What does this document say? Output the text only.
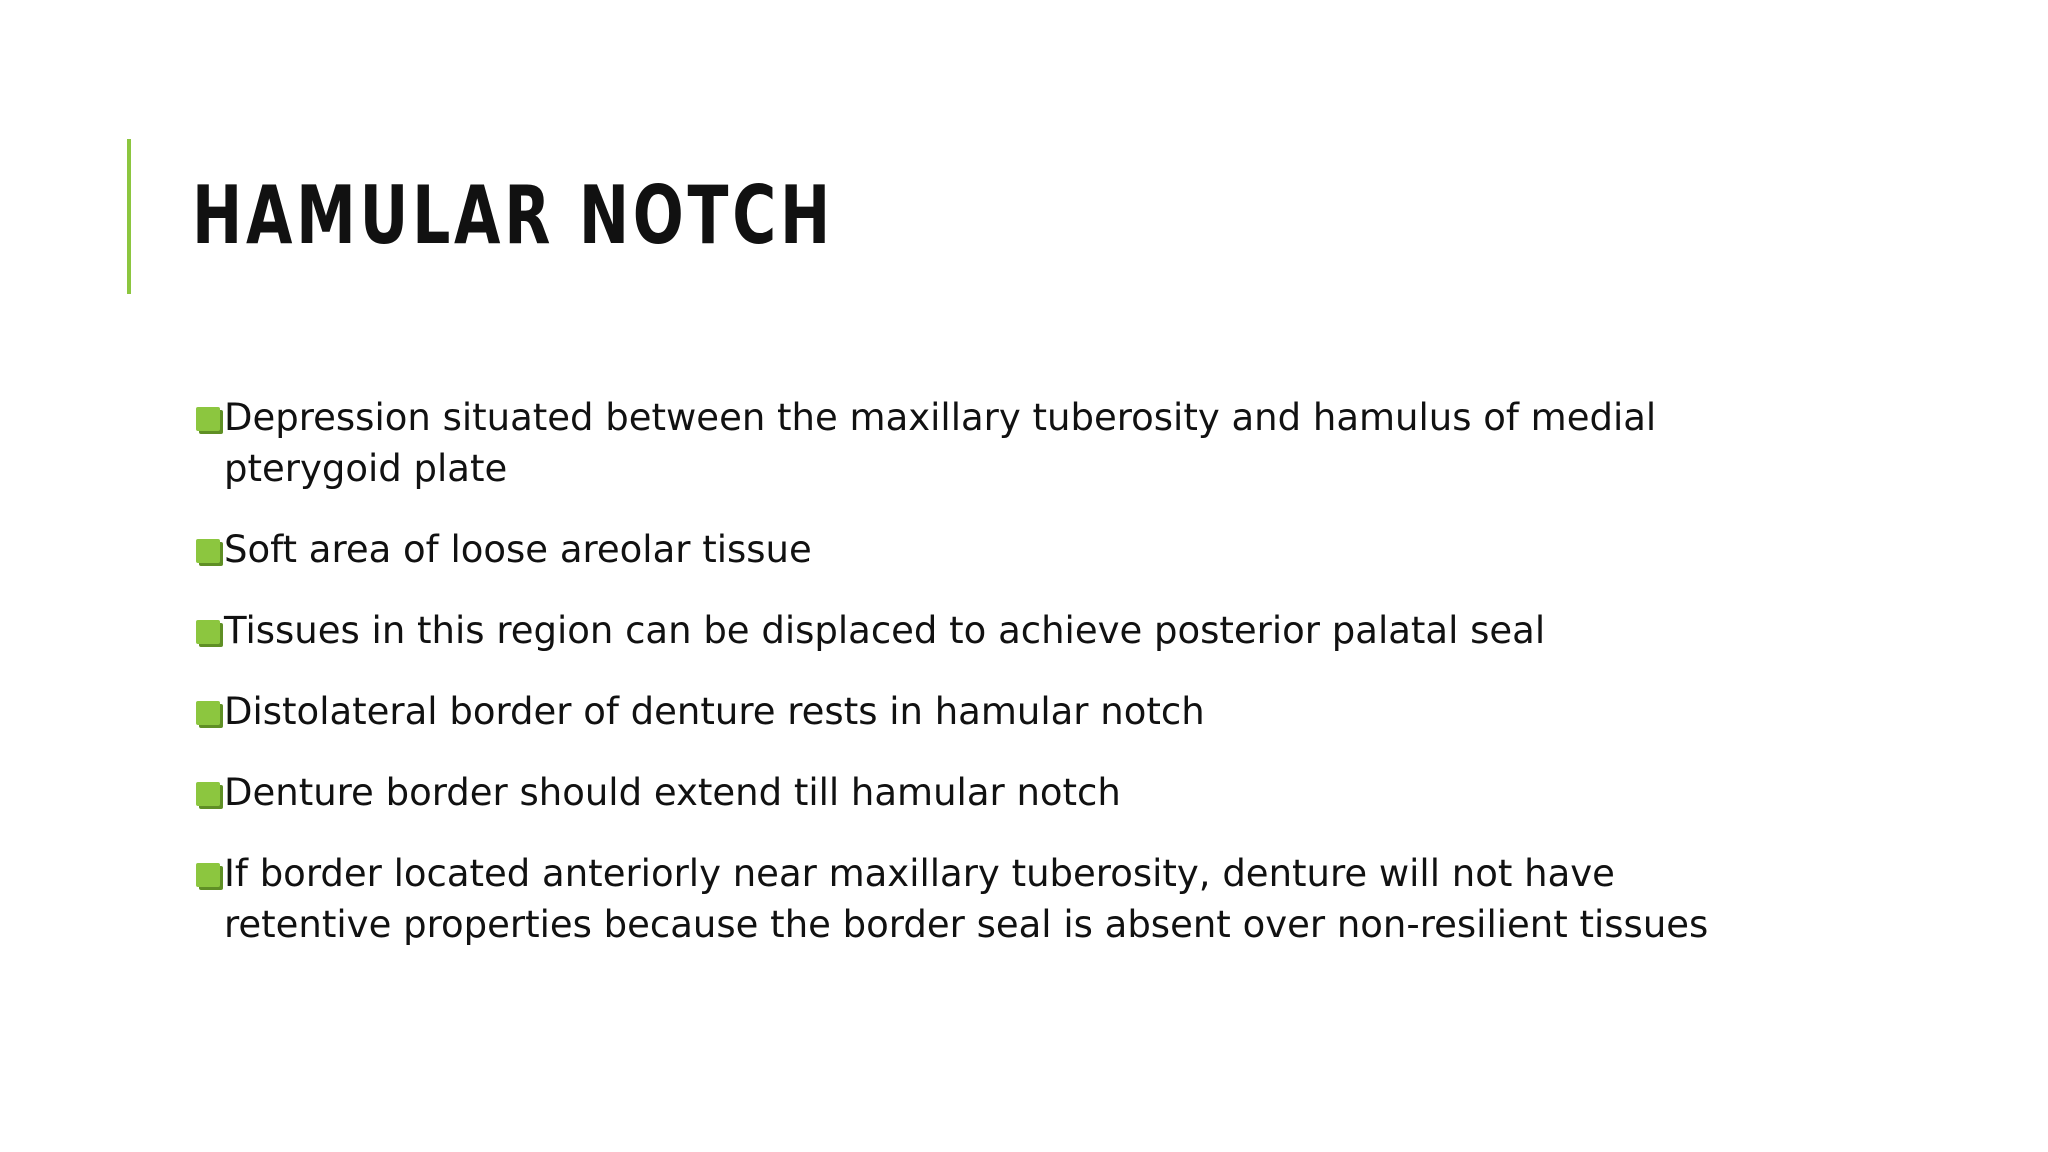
HAMULAR NOTCH
Depression situated between the maxillary tuberosity and hamulus of medial pterygoid plate
Soft area of loose areolar tissue
Tissues in this region can be displaced to achieve posterior palatal seal
Distolateral border of denture rests in hamular notch
Denture border should extend till hamular notch
If border located anteriorly near maxillary tuberosity, denture will not have retentive properties because the border seal is absent over non-resilient tissues
